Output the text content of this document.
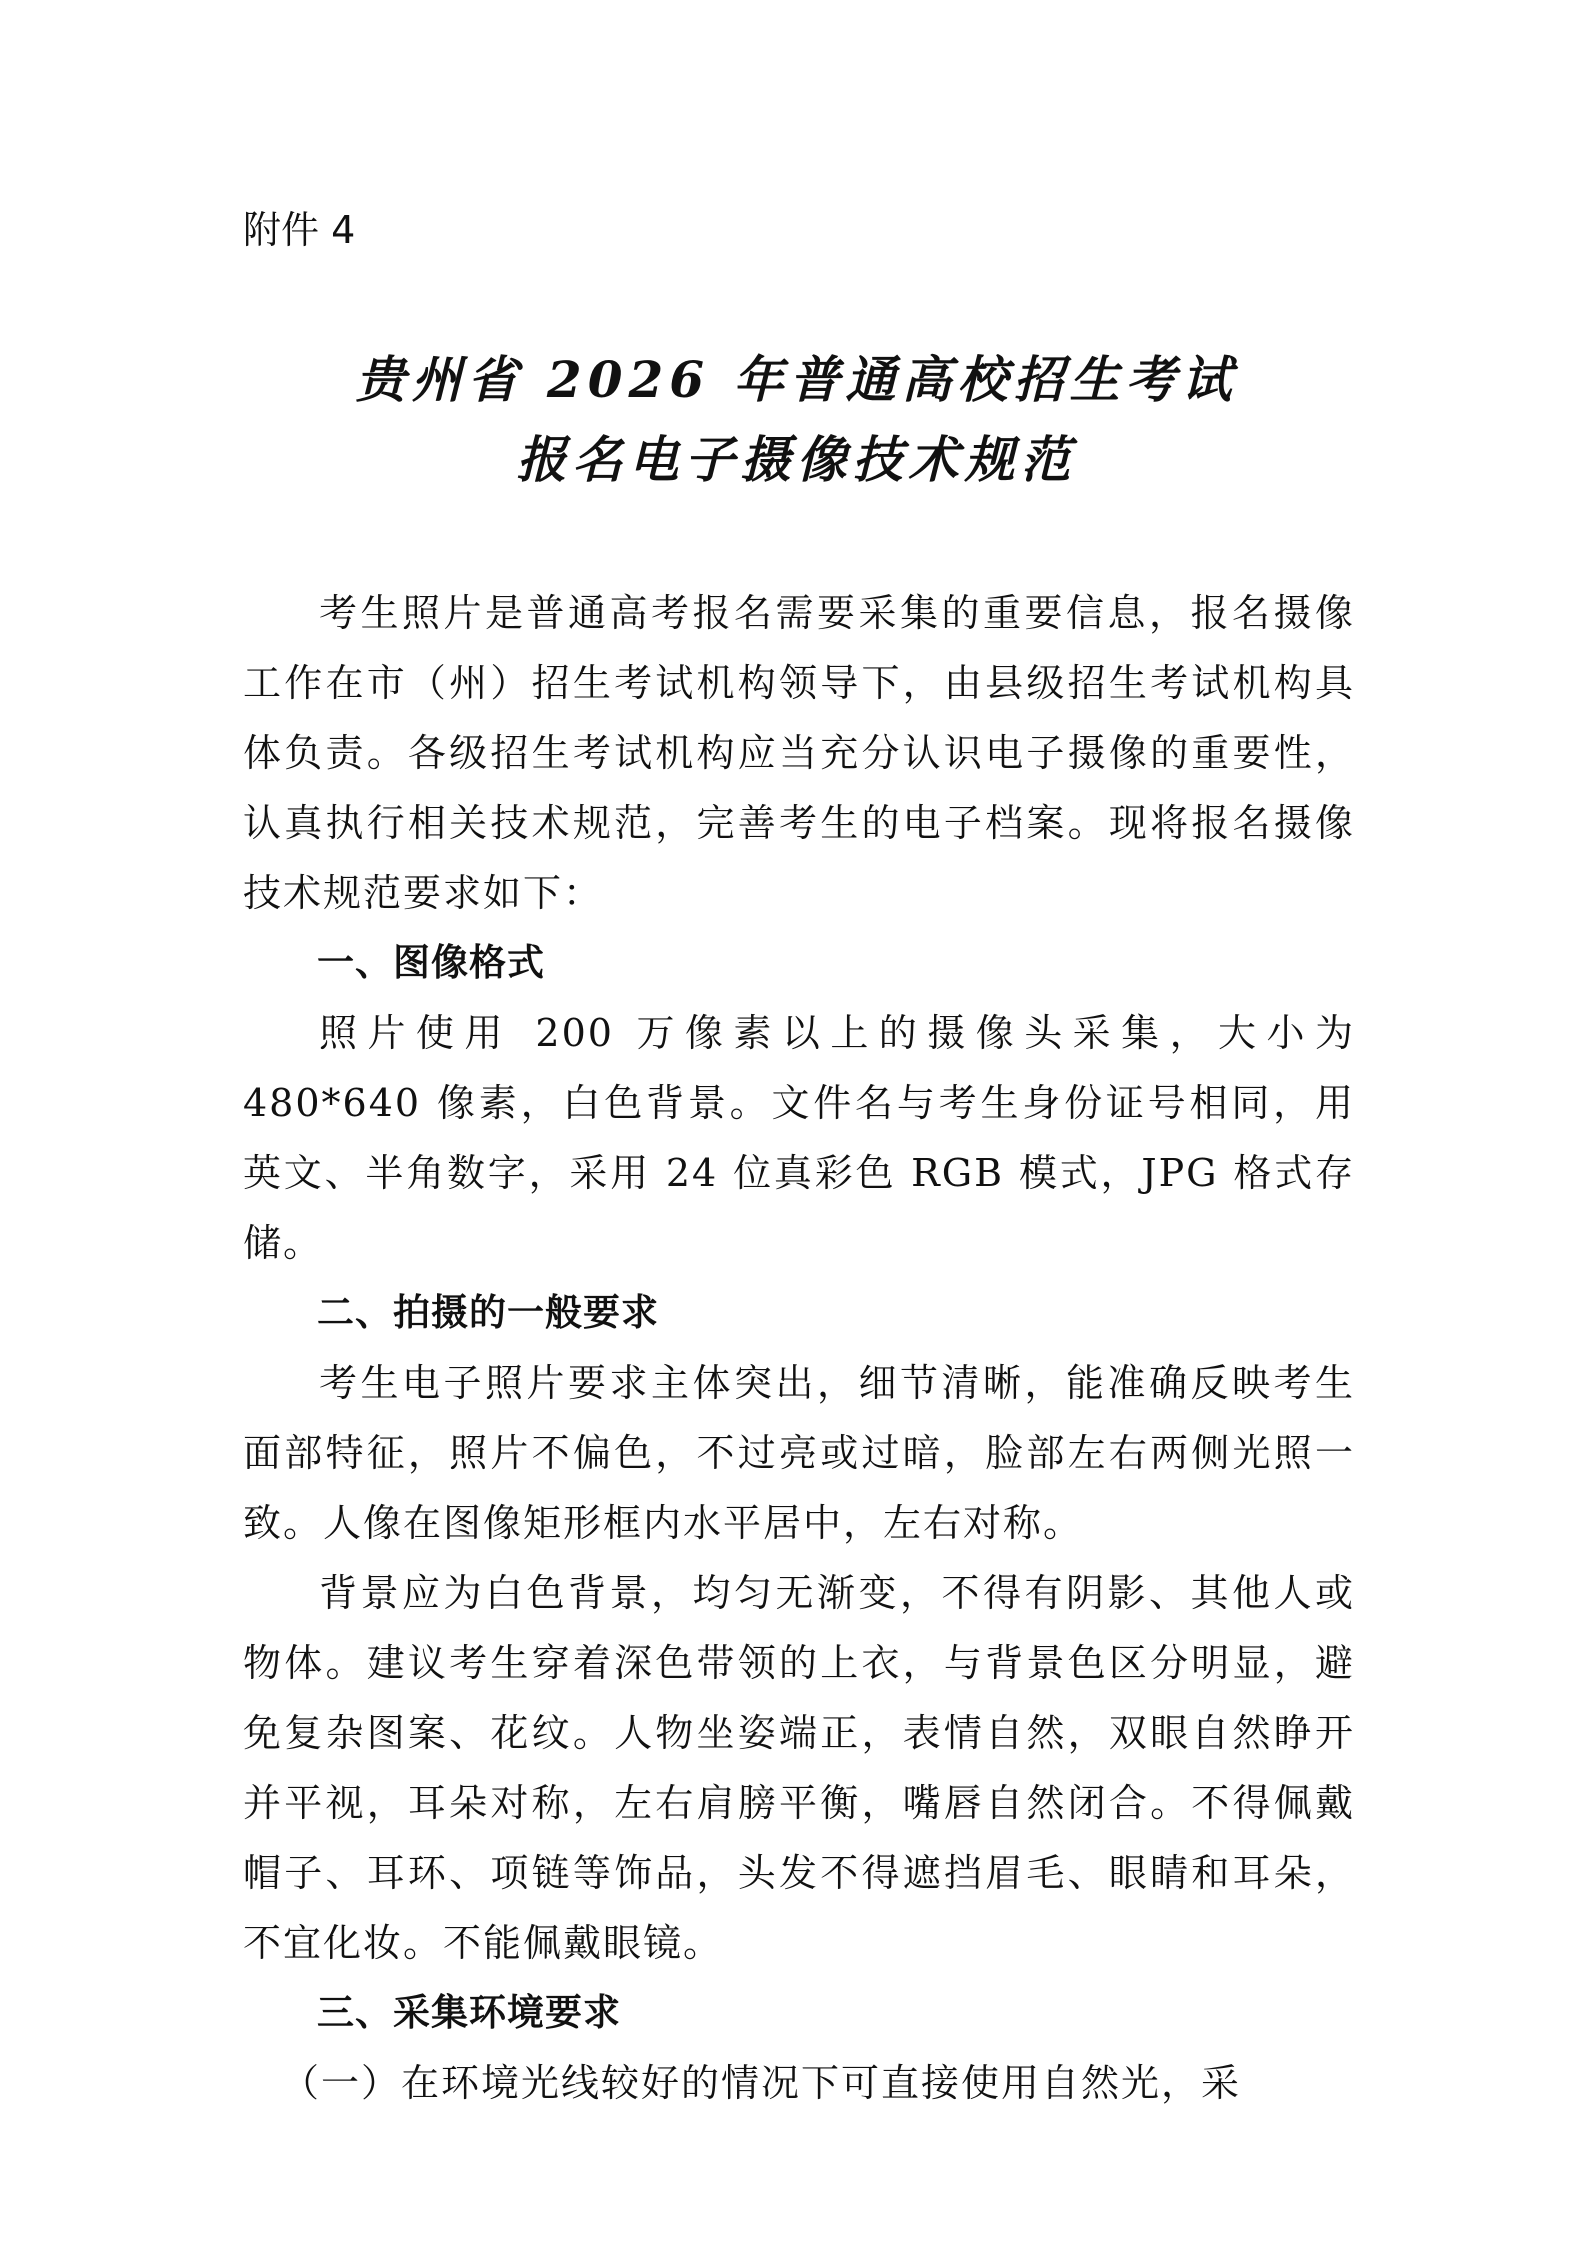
附件 4
贵州省 2026 年普通高校招生考试
报名电子摄像技术规范

考生照片是普通高考报名需要采集的重要信息，报名摄像工作在市（州）招生考试机构领导下，由县级招生考试机构具体负责。各级招生考试机构应当充分认识电子摄像的重要性，认真执行相关技术规范，完善考生的电子档案。现将报名摄像技术规范要求如下：

一、图像格式

照片使用 200 万像素以上的摄像头采集，大小为 480*640 像素，白色背景。文件名与考生身份证号相同，用英文、半角数字，采用 24 位真彩色 RGB 模式，JPG 格式存储。

二、拍摄的一般要求

考生电子照片要求主体突出，细节清晰，能准确反映考生面部特征，照片不偏色，不过亮或过暗，脸部左右两侧光照一致。人像在图像矩形框内水平居中，左右对称。

背景应为白色背景，均匀无渐变，不得有阴影、其他人或物体。建议考生穿着深色带领的上衣，与背景色区分明显，避免复杂图案、花纹。人物坐姿端正，表情自然，双眼自然睁开并平视，耳朵对称，左右肩膀平衡，嘴唇自然闭合。不得佩戴帽子、耳环、项链等饰品，头发不得遮挡眉毛、眼睛和耳朵，不宜化妆。不能佩戴眼镜。

三、采集环境要求

（一）在环境光线较好的情况下可直接使用自然光，采
